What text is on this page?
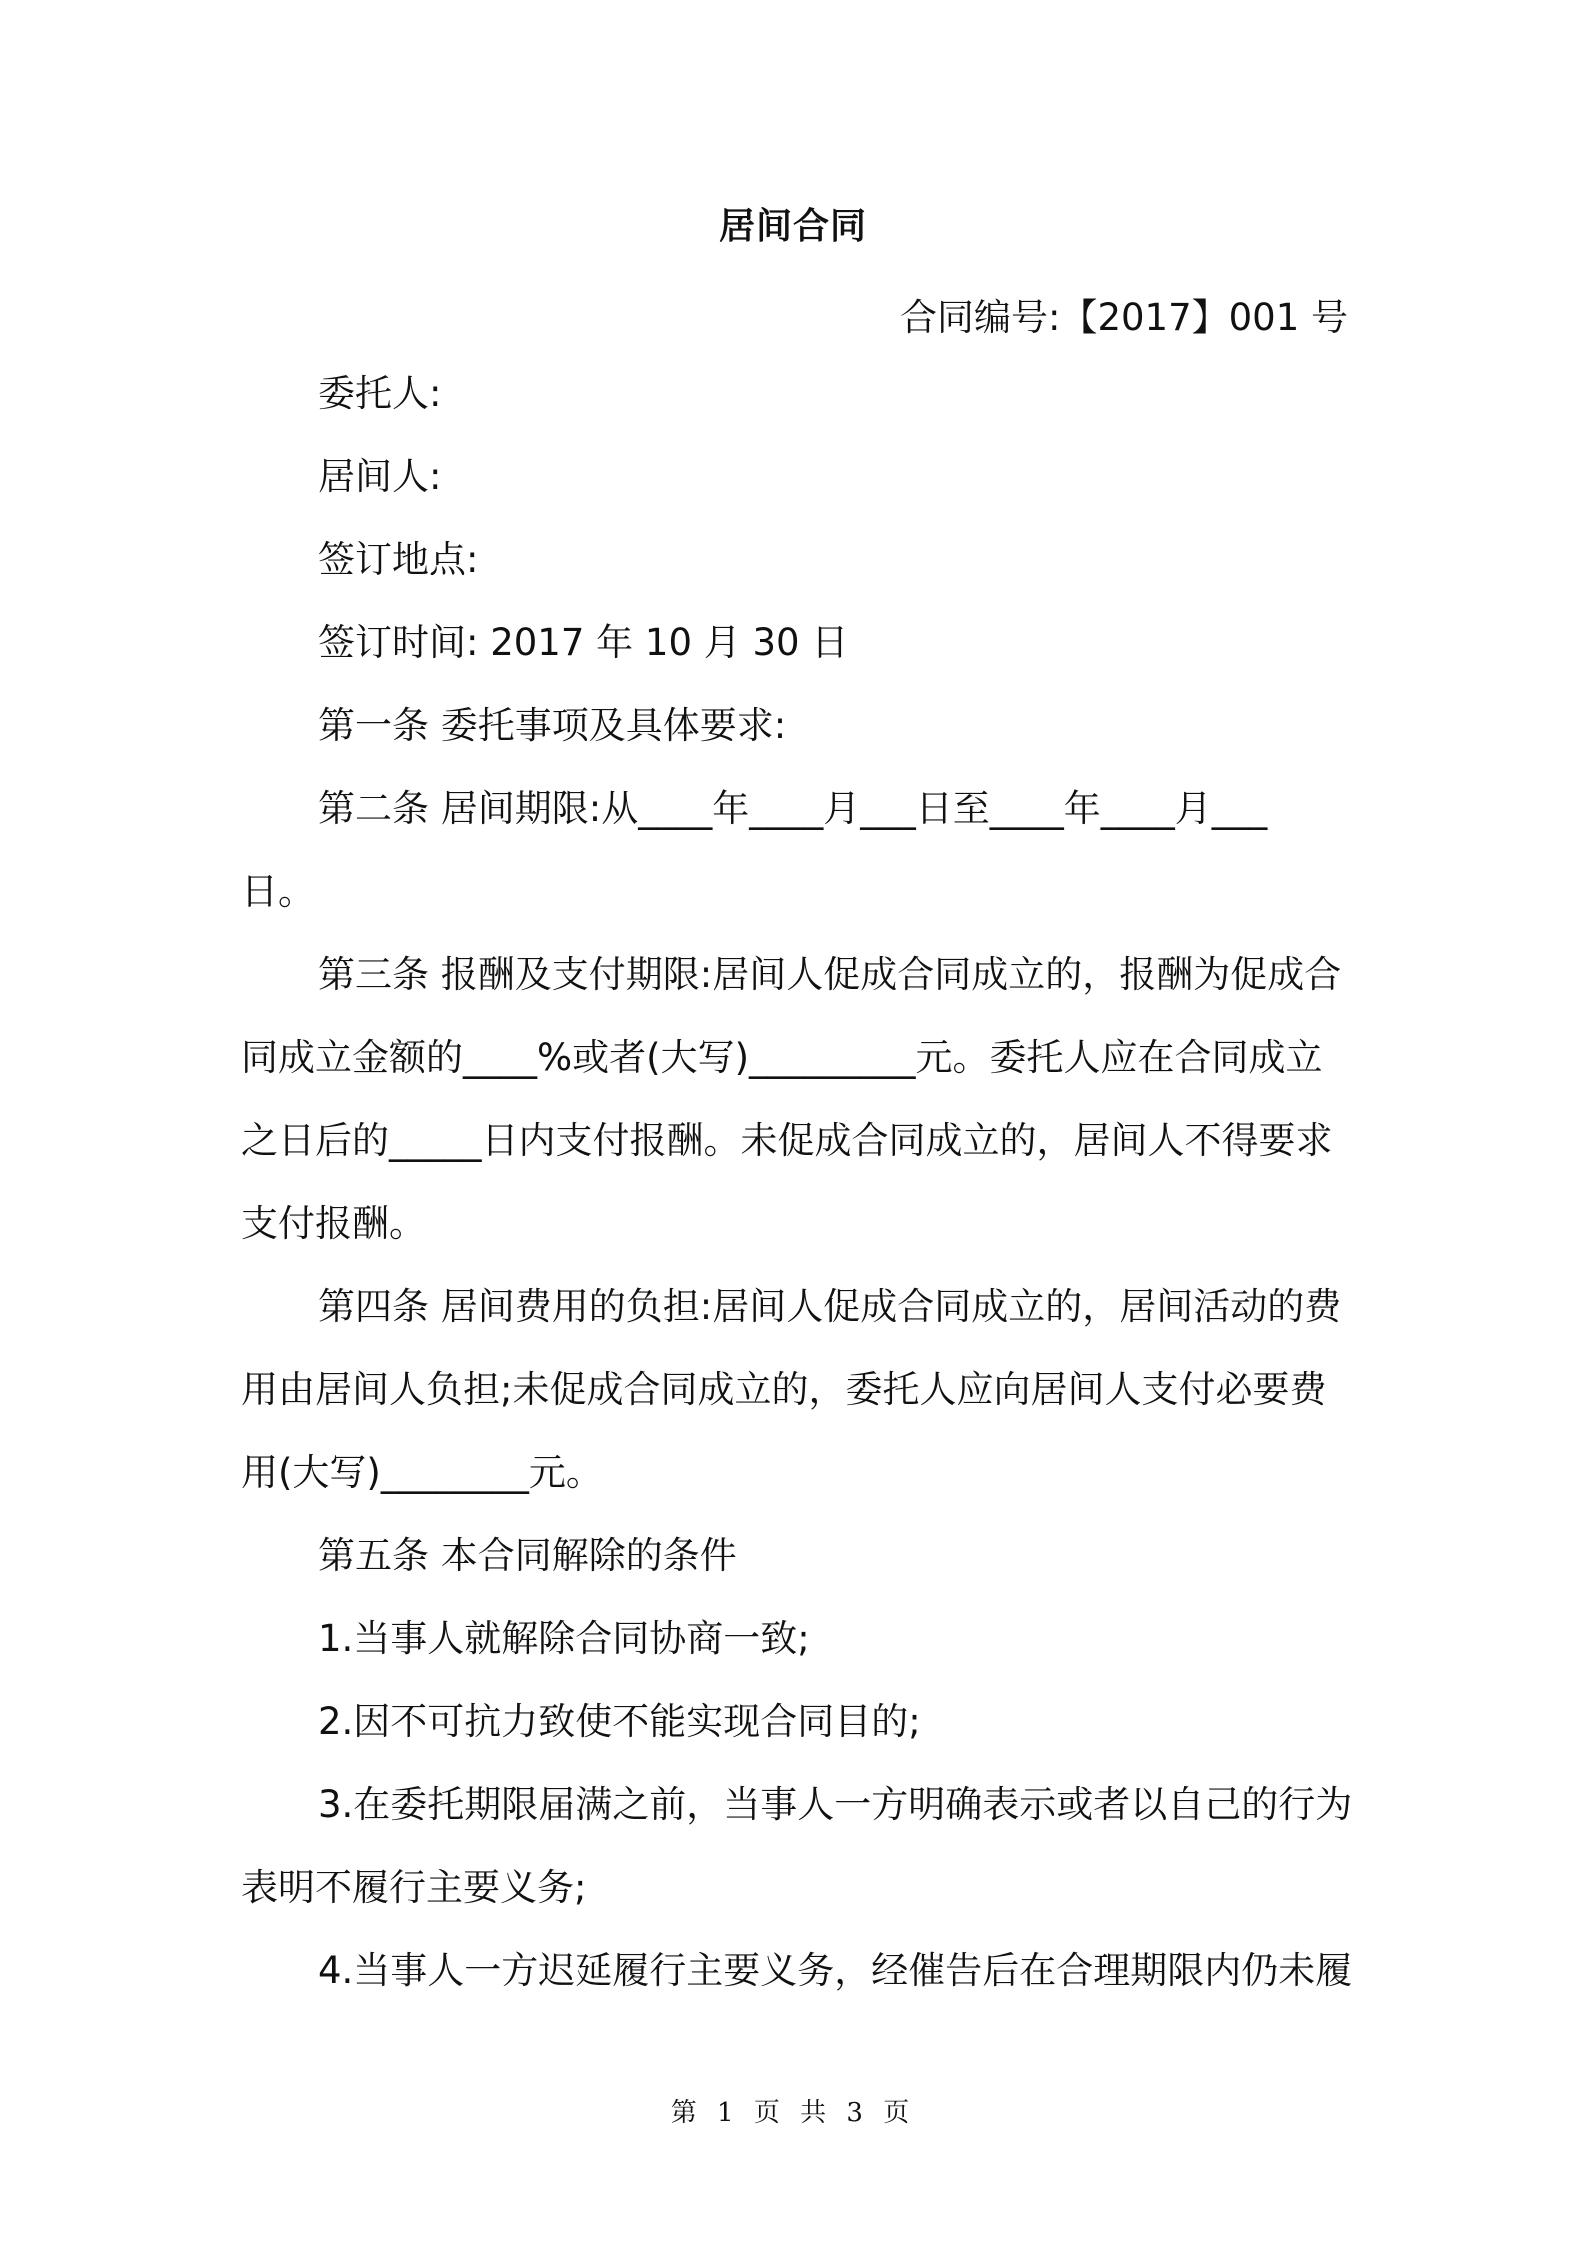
居间合同
合同编号:【2017】001 号
委托人:
居间人:
签订地点:
签订时间: 2017 年 10 月 30 日
第一条 委托事项及具体要求:
第二条 居间期限:从____年____月___日至____年____月___
日。
第三条 报酬及支付期限:居间人促成合同成立的，报酬为促成合
同成立金额的____%或者(大写)_________元。委托人应在合同成立
之日后的_____日内支付报酬。未促成合同成立的，居间人不得要求
支付报酬。
第四条 居间费用的负担:居间人促成合同成立的，居间活动的费
用由居间人负担;未促成合同成立的，委托人应向居间人支付必要费
用(大写)________元。
第五条 本合同解除的条件
1.当事人就解除合同协商一致;
2.因不可抗力致使不能实现合同目的;
3.在委托期限届满之前，当事人一方明确表示或者以自己的行为
表明不履行主要义务;
4.当事人一方迟延履行主要义务，经催告后在合理期限内仍未履
第 1 页 共 3 页
